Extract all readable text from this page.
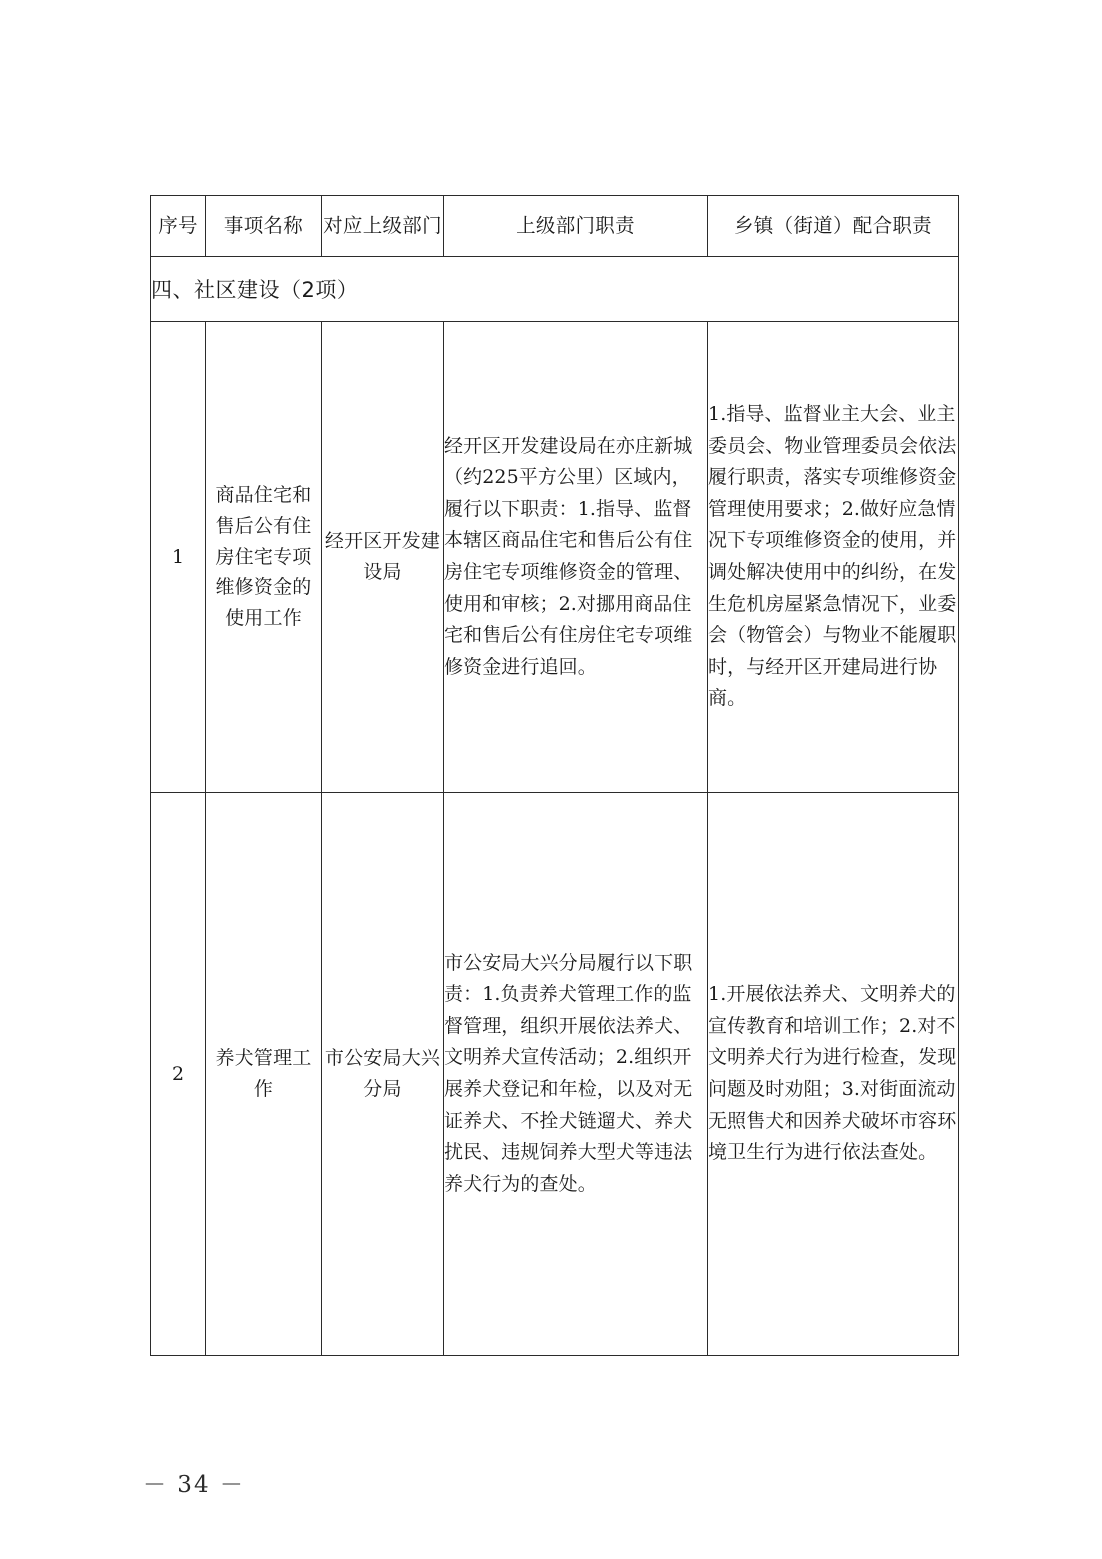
序号	事项名称	对应上级部门	上级部门职责	乡镇（街道）配合职责
四、社区建设（2项）				
1	商品住宅和售后公有住房住宅专项维修资金的使用工作	经开区开发建设局	经开区开发建设局在亦庄新城（约225平方公里）区域内，履行以下职责：1.指导、监督本辖区商品住宅和售后公有住房住宅专项维修资金的管理、使用和审核；2.对挪用商品住宅和售后公有住房住宅专项维修资金进行追回。	1.指导、监督业主大会、业主委员会、物业管理委员会依法履行职责，落实专项维修资金管理使用要求；2.做好应急情况下专项维修资金的使用，并调处解决使用中的纠纷，在发生危机房屋紧急情况下，业委会（物管会）与物业不能履职时，与经开区开建局进行协商。
2	养犬管理工作	市公安局大兴分局	市公安局大兴分局履行以下职责：1.负责养犬管理工作的监督管理，组织开展依法养犬、文明养犬宣传活动；2.组织开展养犬登记和年检，以及对无证养犬、不拴犬链遛犬、养犬扰民、违规饲养大型犬等违法养犬行为的查处。	1.开展依法养犬、文明养犬的宣传教育和培训工作；2.对不文明养犬行为进行检查，发现问题及时劝阻；3.对街面流动无照售犬和因养犬破坏市容环境卫生行为进行依法查处。
－ 34 －
